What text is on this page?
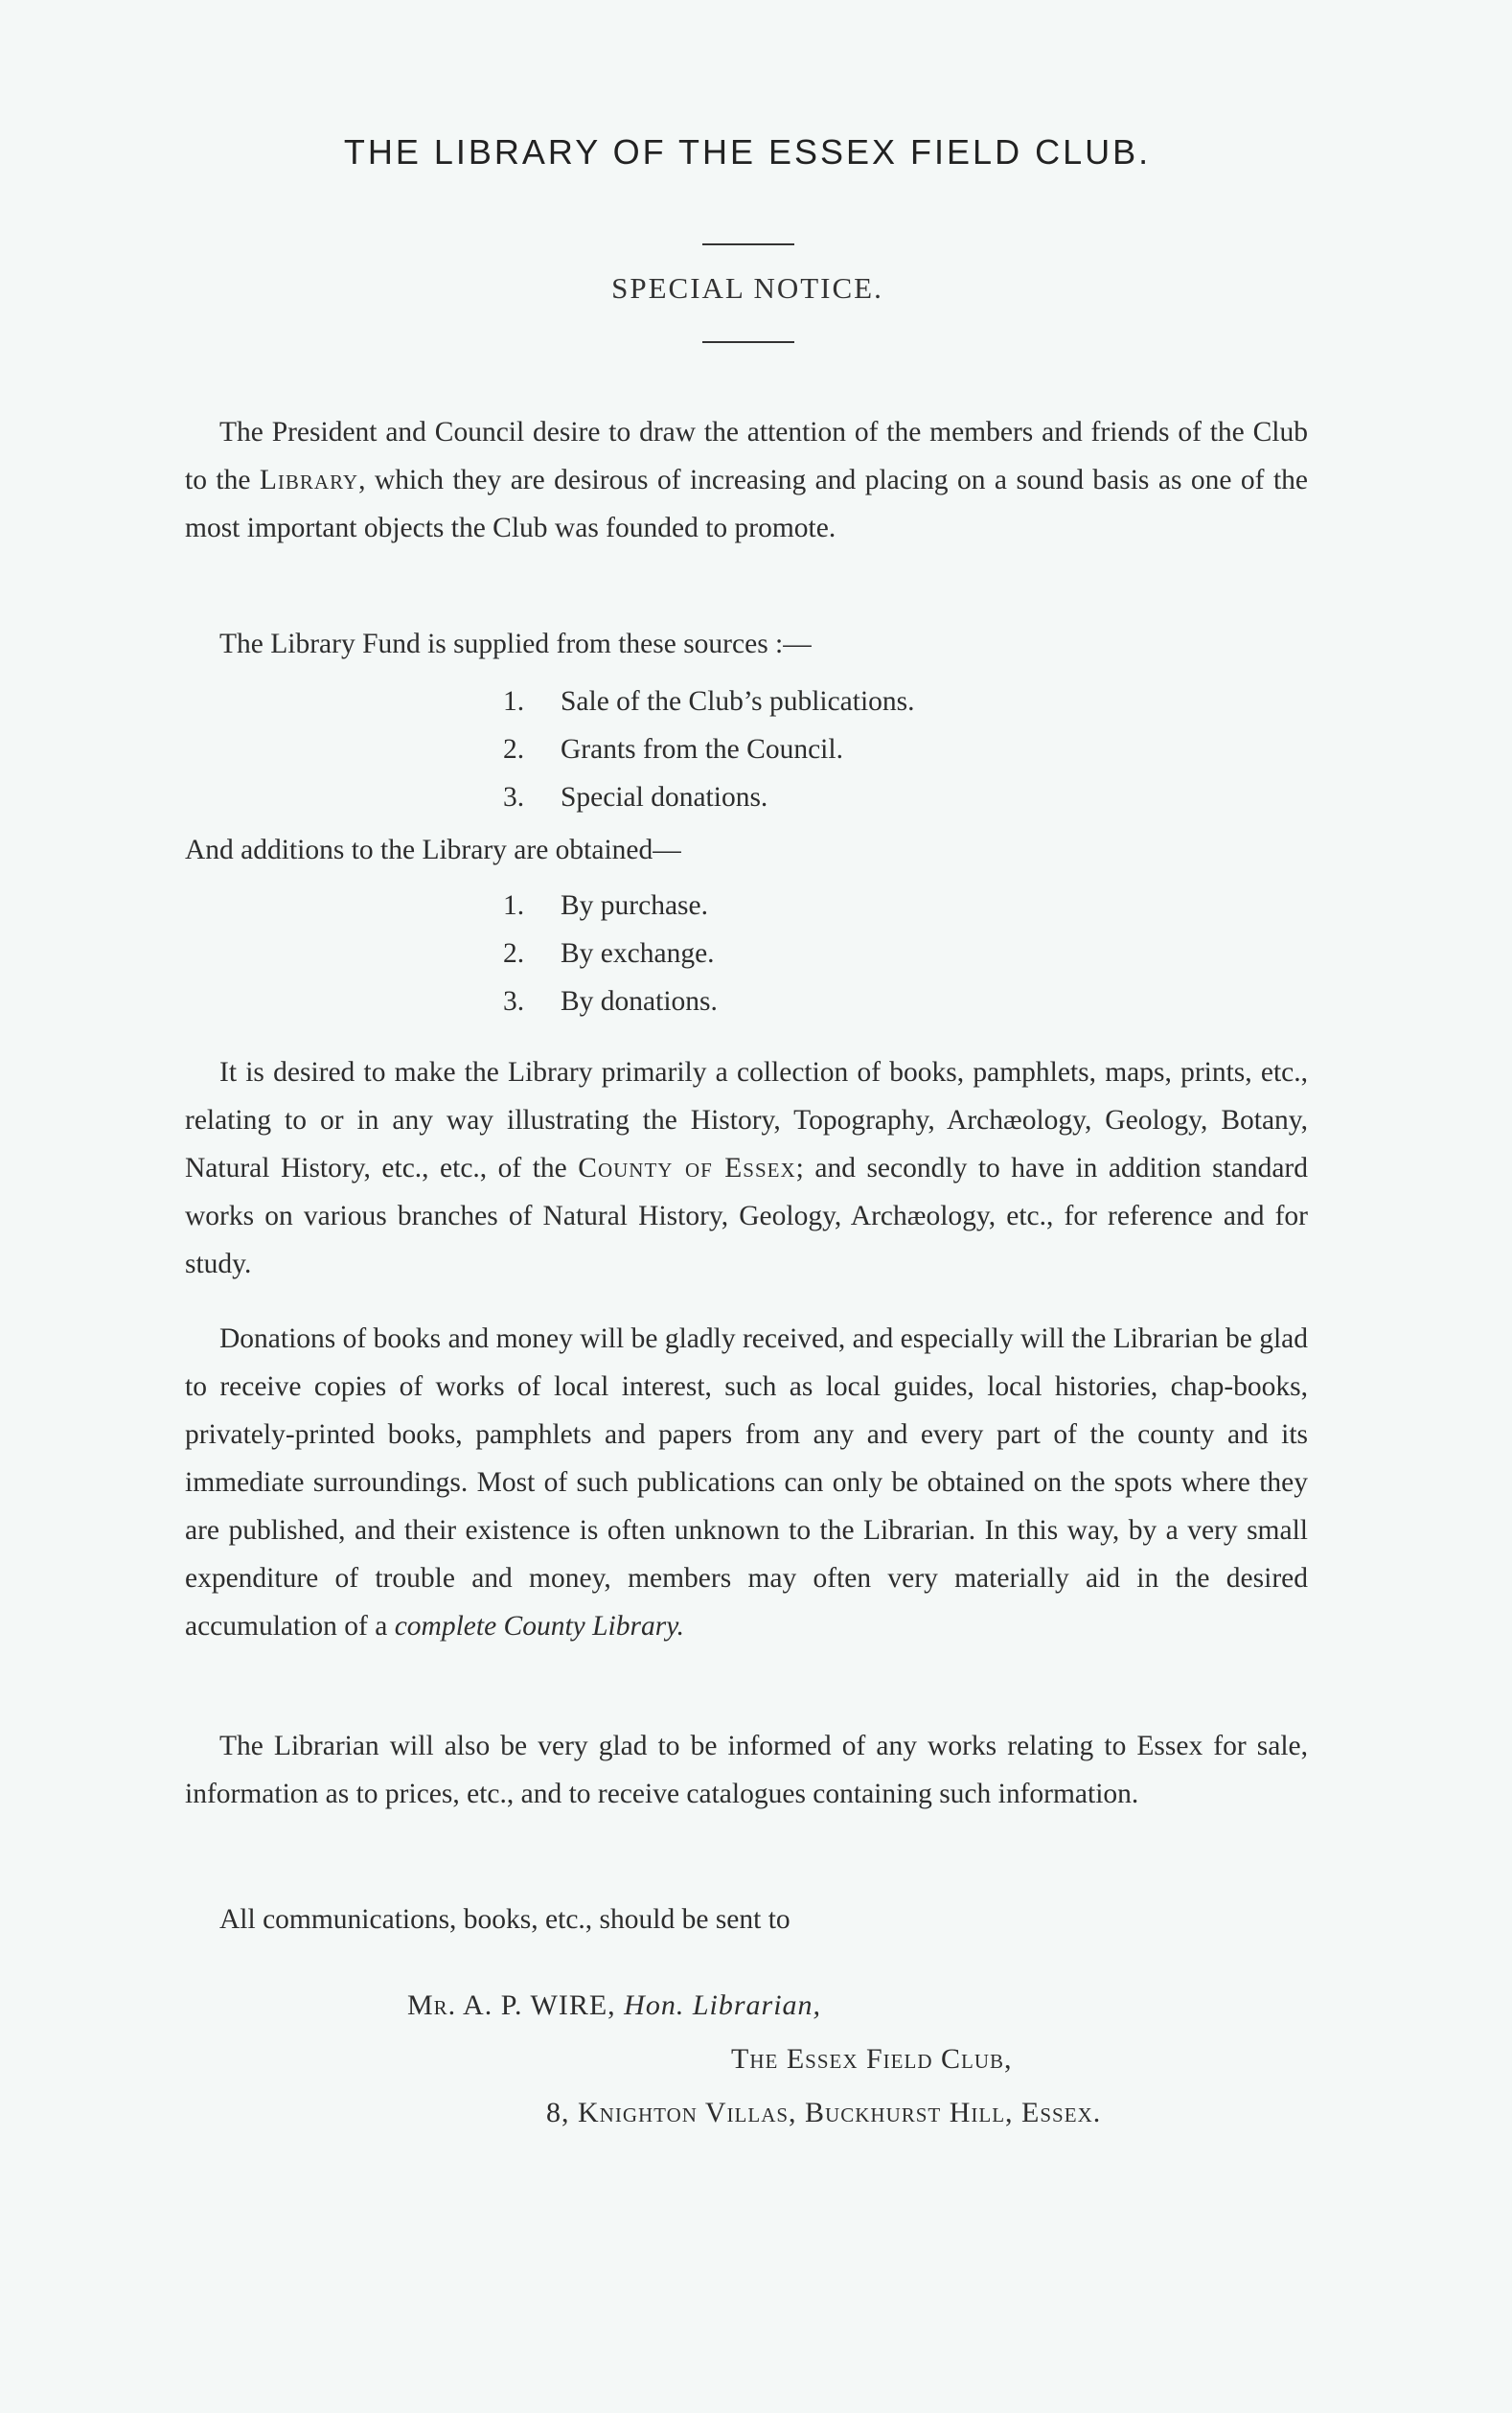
THE LIBRARY OF THE ESSEX FIELD CLUB.
SPECIAL NOTICE.
The President and Council desire to draw the attention of the members and friends of the Club to the Library, which they are desirous of increasing and placing on a sound basis as one of the most important objects the Club was founded to promote.
The Library Fund is supplied from these sources :—
1. Sale of the Club’s publications.
2. Grants from the Council.
3. Special donations.
And additions to the Library are obtained—
1. By purchase.
2. By exchange.
3. By donations.
It is desired to make the Library primarily a collection of books, pamphlets, maps, prints, etc., relating to or in any way illustrating the History, Topography, Archæology, Geology, Botany, Natural History, etc., etc., of the County of Essex; and secondly to have in addition standard works on various branches of Natural History, Geology, Archæology, etc., for reference and for study.
Donations of books and money will be gladly received, and especially will the Librarian be glad to receive copies of works of local interest, such as local guides, local histories, chap-books, privately-printed books, pamphlets and papers from any and every part of the county and its immediate surroundings. Most of such publications can only be obtained on the spots where they are published, and their existence is often unknown to the Librarian. In this way, by a very small expenditure of trouble and money, members may often very materially aid in the desired accumulation of a complete County Library.
The Librarian will also be very glad to be informed of any works relating to Essex for sale, information as to prices, etc., and to receive catalogues containing such information.
All communications, books, etc., should be sent to
Mr. A. P. WIRE, Hon. Librarian,
The Essex Field Club,
8, Knighton Villas, Buckhurst Hill, Essex.
